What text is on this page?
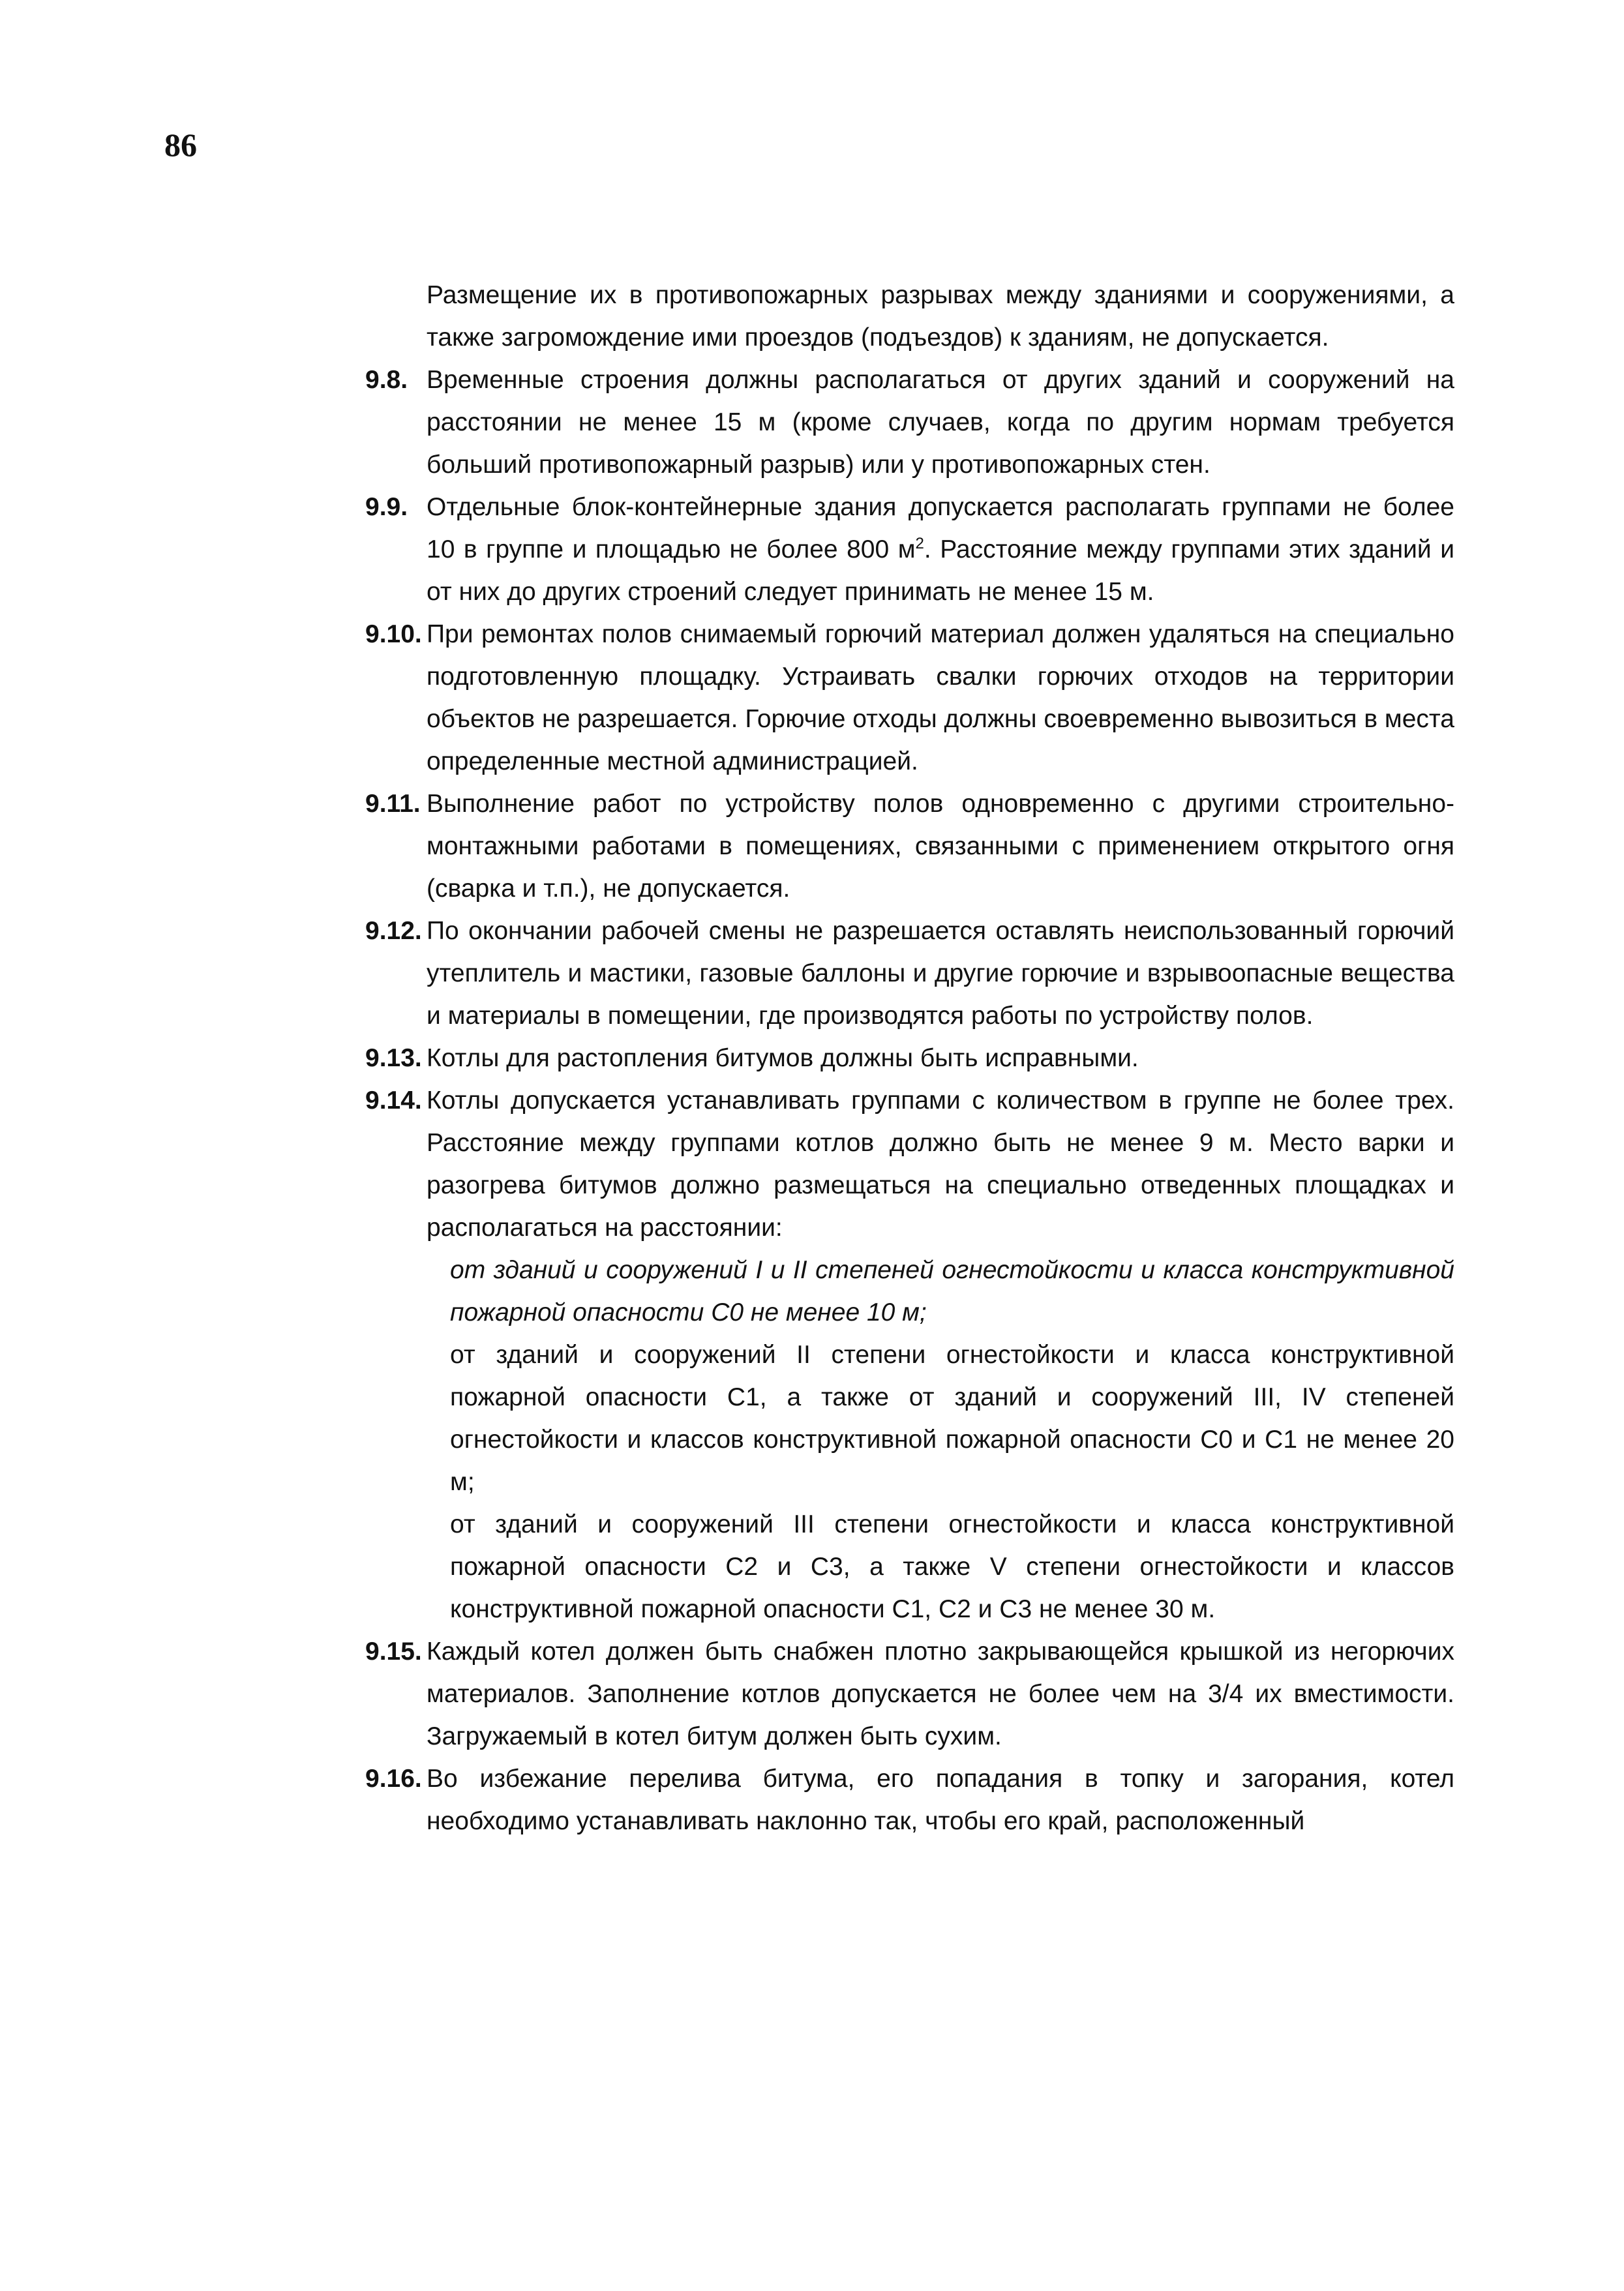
86

Размещение их в противопожарных разрывах между зданиями и сооружениями, а также загромождение ими проездов (подъездов) к зданиям, не допускается.

9.8. Временные строения должны располагаться от других зданий и сооружений на расстоянии не менее 15 м (кроме случаев, когда по другим нормам требуется больший противопожарный разрыв) или у противопожарных стен.
9.9. Отдельные блок-контейнерные здания допускается располагать группами не более 10 в группе и площадью не более 800 $м^2$. Расстояние между группами этих зданий и от них до других строений следует принимать не менее 15 м.
9.10. При ремонтах полов снимаемый горючий материал должен удаляться на специально подготовленную площадку. Устраивать свалки горючих отходов на территории объектов не разрешается. Горючие отходы должны своевременно вывозиться в места определенные местной администрацией.
9.11. Выполнение работ по устройству полов одновременно с другими строительно-монтажными работами в помещениях, связанными с применением открытого огня (сварка и т.п.), не допускается.
9.12. По окончании рабочей смены не разрешается оставлять неиспользованный горючий утеплитель и мастики, газовые баллоны и другие горючие и взрывоопасные вещества и материалы в помещении, где производятся работы по устройству полов.
9.13. Котлы для растопления битумов должны быть исправными.
9.14. Котлы допускается устанавливать группами с количеством в группе не более трех. Расстояние между группами котлов должно быть не менее 9 м. Место варки и разогрева битумов должно размещаться на специально отведенных площадках и располагаться на расстоянии:
от зданий и сооружений I и II степеней огнестойкости и класса конструктивной пожарной опасности С0 не менее 10 м;
от зданий и сооружений II степени огнестойкости и класса конструктивной пожарной опасности С1, а также от зданий и сооружений III, IV степеней огнестойкости и классов конструктивной пожарной опасности С0 и С1 не менее 20 м;
от зданий и сооружений III степени огнестойкости и класса конструктивной пожарной опасности С2 и С3, а также V степени огнестойкости и классов конструктивной пожарной опасности С1, С2 и С3 не менее 30 м.
9.15. Каждый котел должен быть снабжен плотно закрывающейся крышкой из негорючих материалов. Заполнение котлов допускается не более чем на 3/4 их вместимости. Загружаемый в котел битум должен быть сухим.
9.16. Во избежание перелива битума, его попадания в топку и загорания, котел необходимо устанавливать наклонно так, чтобы его край, расположенный
